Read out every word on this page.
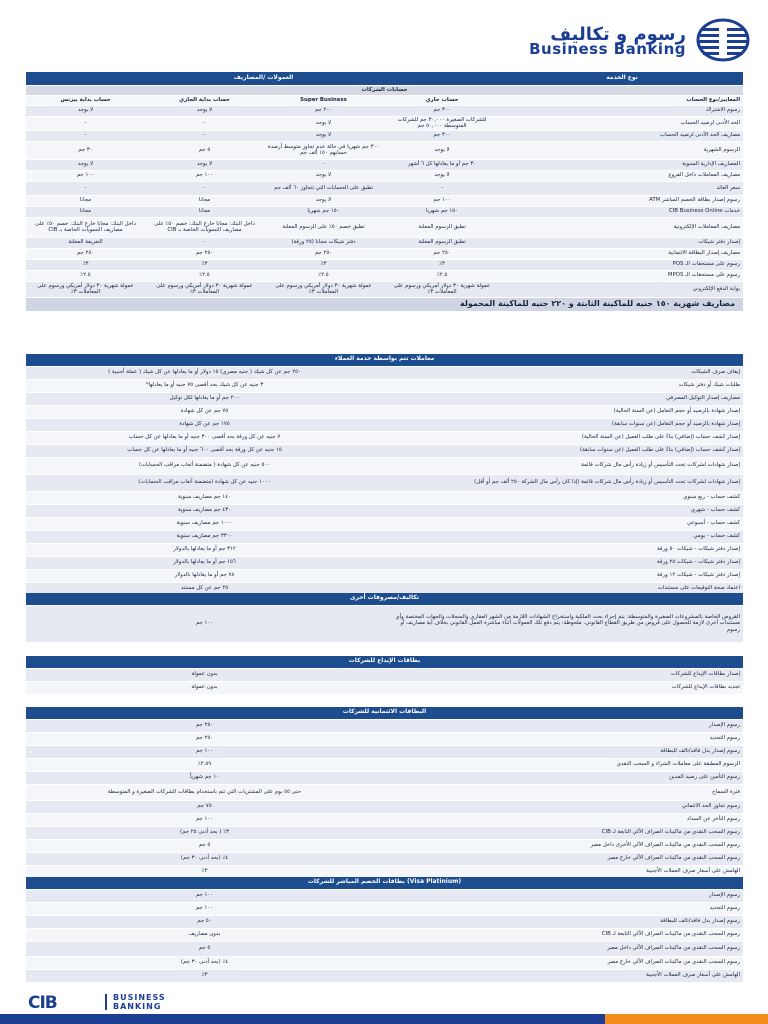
رسوم و تكاليف
Business Banking
العمولات /المصاريف				نوع الخدمة
حسابات الشركات				
حساب بداية بيزنس	حساب بداية الجاري	Super Business	حساب جاري	المعايير/نوع الحساب
لا يوجد	لا يوجد	٢٠٠ جم	٣٠٠ جم	رسوم الاشتراك
-	-	لا يوجد	للشركات الصغيرة ٣٠,٠٠٠ جم للشركات المتوسطة ٥٠,٠٠٠ جم	الحد الأدنى لرصيد الحساب
-	-	لا يوجد	٣٠٠ جم	مصاريف الحد الأدنى لرصيد الحساب
٣٠ جم	٥ جم	٣٠٠ جم شهريا في حالة عدم تجاوز متوسط أرصدة حسابهم ١٥٠ ألف جم	لا يوجد	الرسوم الشهرية
لا يوجد	لا يوجد	-	٣٠ جم أو ما يعادلها كل ٦ أشهر	المصاريف الإدارية السنوية
١٠٠ جم	١٠٠ جم	لا يوجد	لا يوجد	مصاريف المعاملات داخل الفروع
-	-	تطبق على الحسابات التي تتجاوز ٦٠ ألف جم	-	سعر العائد
مجانا	مجانا	لا يوجد	١٠٠ جم	رسوم إصدار بطاقة الخصم المباشر ATM
مجانا	مجانا	١٥٠ جم شهريا	١٥٠ جم شهريا	خدمات CIB Business Online
داخل البنك: مجانا خارج البنك: خصم ٥٠٪ على مصاريف التسويات الخاصة بـ CIB	داخل البنك: مجانا خارج البنك: خصم ٥٠٪ على مصاريف التسويات الخاصة بـ CIB	تطبق خصم ٥٠٪ على الرسوم المعلنة	تطبق الرسوم المعلنة	مصاريف المعاملات الإلكترونية
التعريفة المعلنة	-	دفتر شيكات مجانا (٢٥ ورقة)	تطبق الرسوم المعلنة	إصدار دفتر شيكات
٢٥٠ جم	٢٥٠ جم	٢٥٠ جم	٢٥٠ جم	مصاريف إصدار البطاقة الائتمانية
٣٪	٣٪	٣٪	٣٪	رسوم على مستحقات الـ POS
٢.٥٪	٢.٥٪	٢.٥٪	٢.٥٪	رسوم على مستحقات الـ MPOS
عمولة شهرية ٣٠ دولار أمريكي ورسوم على المعاملات ٣٪	عمولة شهرية ٣٠ دولار أمريكي ورسوم على المعاملات ٣٪	عمولة شهرية ٣٠ دولار أمريكي ورسوم على المعاملات ٣٪	عمولة شهرية ٣٠ دولار أمريكي ورسوم على المعاملات ٣٪	بوابة الدفع الإلكتروني
مصاريف شهرية ١٥٠ جنيه للماكينة الثابتة و ٢٢٠ جنيه للماكينة المحمولة				
معاملات تتم بواسطة خدمة العملاء	
٢٥٠ جم عن كل شيك ( جنيه مصري) ١٥ دولار أو ما يعادلها عن كل شيك ( عملة أجنبية )	إيقاف صرف الشيكات
٣ جنيه عن كل شيك بحد أقصى ٧٥ جنيه أو ما يعادلها*	طلبات شيك أو دفتر شيكات
٢٠٠ جم أو ما يعادلها لكل توكيل	مصاريف إصدار التوكيل المصرفي
٧٥ جم عن كل شهادة	إصدار شهادة بالرصيد أو حجم التعامل (عن السنة الحالية)
١٧٥ جم عن كل شهادة	إصدار شهادة بالرصيد أو حجم التعامل (عن سنوات سابقة)
٧ جنيه عن كل ورقة بحد أقصى ٣٠٠ جنيه أو ما يعادلها عن كل حساب	إصدار كشف حساب (إضافي) بناءً على طلب العميل (عن السنة الحالية)
١٥ جنيه عن كل ورقة بحد أقصى ٦٠٠ جنيه أو ما يعادلها عن كل حساب	إصدار كشف حساب (إضافي) بناءً على طلب العميل (عن سنوات سابقة)
٥٠٠ جنيه عن كل شهادة ( متضمنة أتعاب مراقب الحسابات)	إصدار شهادات لشركات تحت التأسيس أو زيادة رأس مال شركات قائمة
١٠٠٠ جنيه عن كل شهادة (متضمنة أتعاب مراقب الحسابات)	إصدار شهادات لشركات تحت التأسيس أو زيادة رأس مال شركات قائمة (إذا كان رأس مال الشركة ٢٥٠ ألف جم أو أقل)
١٤٠ جم مصاريف سنوية	كشف حساب - ربع سنوي
٤٣٠ جم مصاريف سنوية	كشف حساب - شهري
١٠٠٠ جم مصاريف سنوية	كشف حساب - أسبوعي
٣٣٠٠ جم مصاريف سنوية	كشف حساب - يومي
٣١٢ جم أو ما يعادلها بالدولار	إصدار دفتر شيكات - شيكات ٥٠ ورقة
١٥٦ جم أو ما يعادلها بالدولار	إصدار دفتر شيكات - شيكات ٢٥ ورقة
٧٨ جم أو ما يعادلها بالدولار	إصدار دفتر شيكات - شيكات ١٢ ورقة
٢٥ جم عن كل مستند	اعتماد صحة التوقيعات على مستندات
تكاليف/مصروفات أخرى
١٠٠ جم	القروض الخاصة بالمشروعات الصغيرة والمتوسطة: يتم إجراء بحث الملكية واستخراج الشهادات اللازمة من الشهر العقاري والسجلات والجهات المختصة وأي مستندات أخرى لازمة للحصول على قروض من طريق القطاع القانوني. ملحوظة: يتم دفع تلك العمولات أثناء مباشرة العمل القانوني بخلاف أية مصاريف أو رسوم
بطاقات الإيداع للشركات	
بدون عمولة	إصدار بطاقات الإيداع للشركات
بدون عمولة	تجديد بطاقات الإيداع للشركات
البطاقات الائتمانية للشركات	
٢٥٠ جم	رسوم الإصدار
٢٥٠ جم	رسوم التجديد
١٠٠ جم	رسوم إصدار بدل فاقد/تالف للبطاقة
٢.٥٩٪	الرسوم المطبقة على معاملات الشراء و السحب النقدي
١٠ جم شهرياً	رسوم التأمين على رصيد المدين
حتى ٥٥ يوم على المشتريات التي تتم باستخدام بطاقات الشركات الصغيرة و المتوسطة	فترة السماح
٧٥ جم	رسوم تجاوز الحد الائتماني
١٠٠ جم	رسوم التأخر عن السداد
٣٪ ( بحد أدنى ٢٥ جم)	رسوم السحب النقدي من ماكينات الصراف الآلي التابعة لـ CIB
٥ جم	رسوم السحب النقدي من ماكينات الصراف الآلي الأخرى داخل مصر
٤٪ (بحد أدنى ٣٠ جم)	رسوم السحب النقدي من ماكينات الصراف الآلي خارج مصر
٣٪	الهامش على أسعار صرف العملات الأجنبية
بطاقات الخصم المباشر للشركات (Visa Platinium)	
١٠٠ جم	رسوم الإصدار
١٠٠ جم	رسوم التجديد
٥٠ جم	رسوم إصدار بدل فاقد/تالف للبطاقة
بدون مصاريف	رسوم السحب النقدي من ماكينات الصراف الآلي التابعة لـ CIB
٥ جم	رسوم السحب النقدي من ماكينات الصراف الآلي داخل مصر
٤٪ (بحد أدنى ٣٠ جم)	رسوم السحب النقدي من ماكينات الصراف الآلي خارج مصر
٣٪	الهامش على أسعار صرف العملات الأجنبية
CIB	BUSINESS
BANKING
